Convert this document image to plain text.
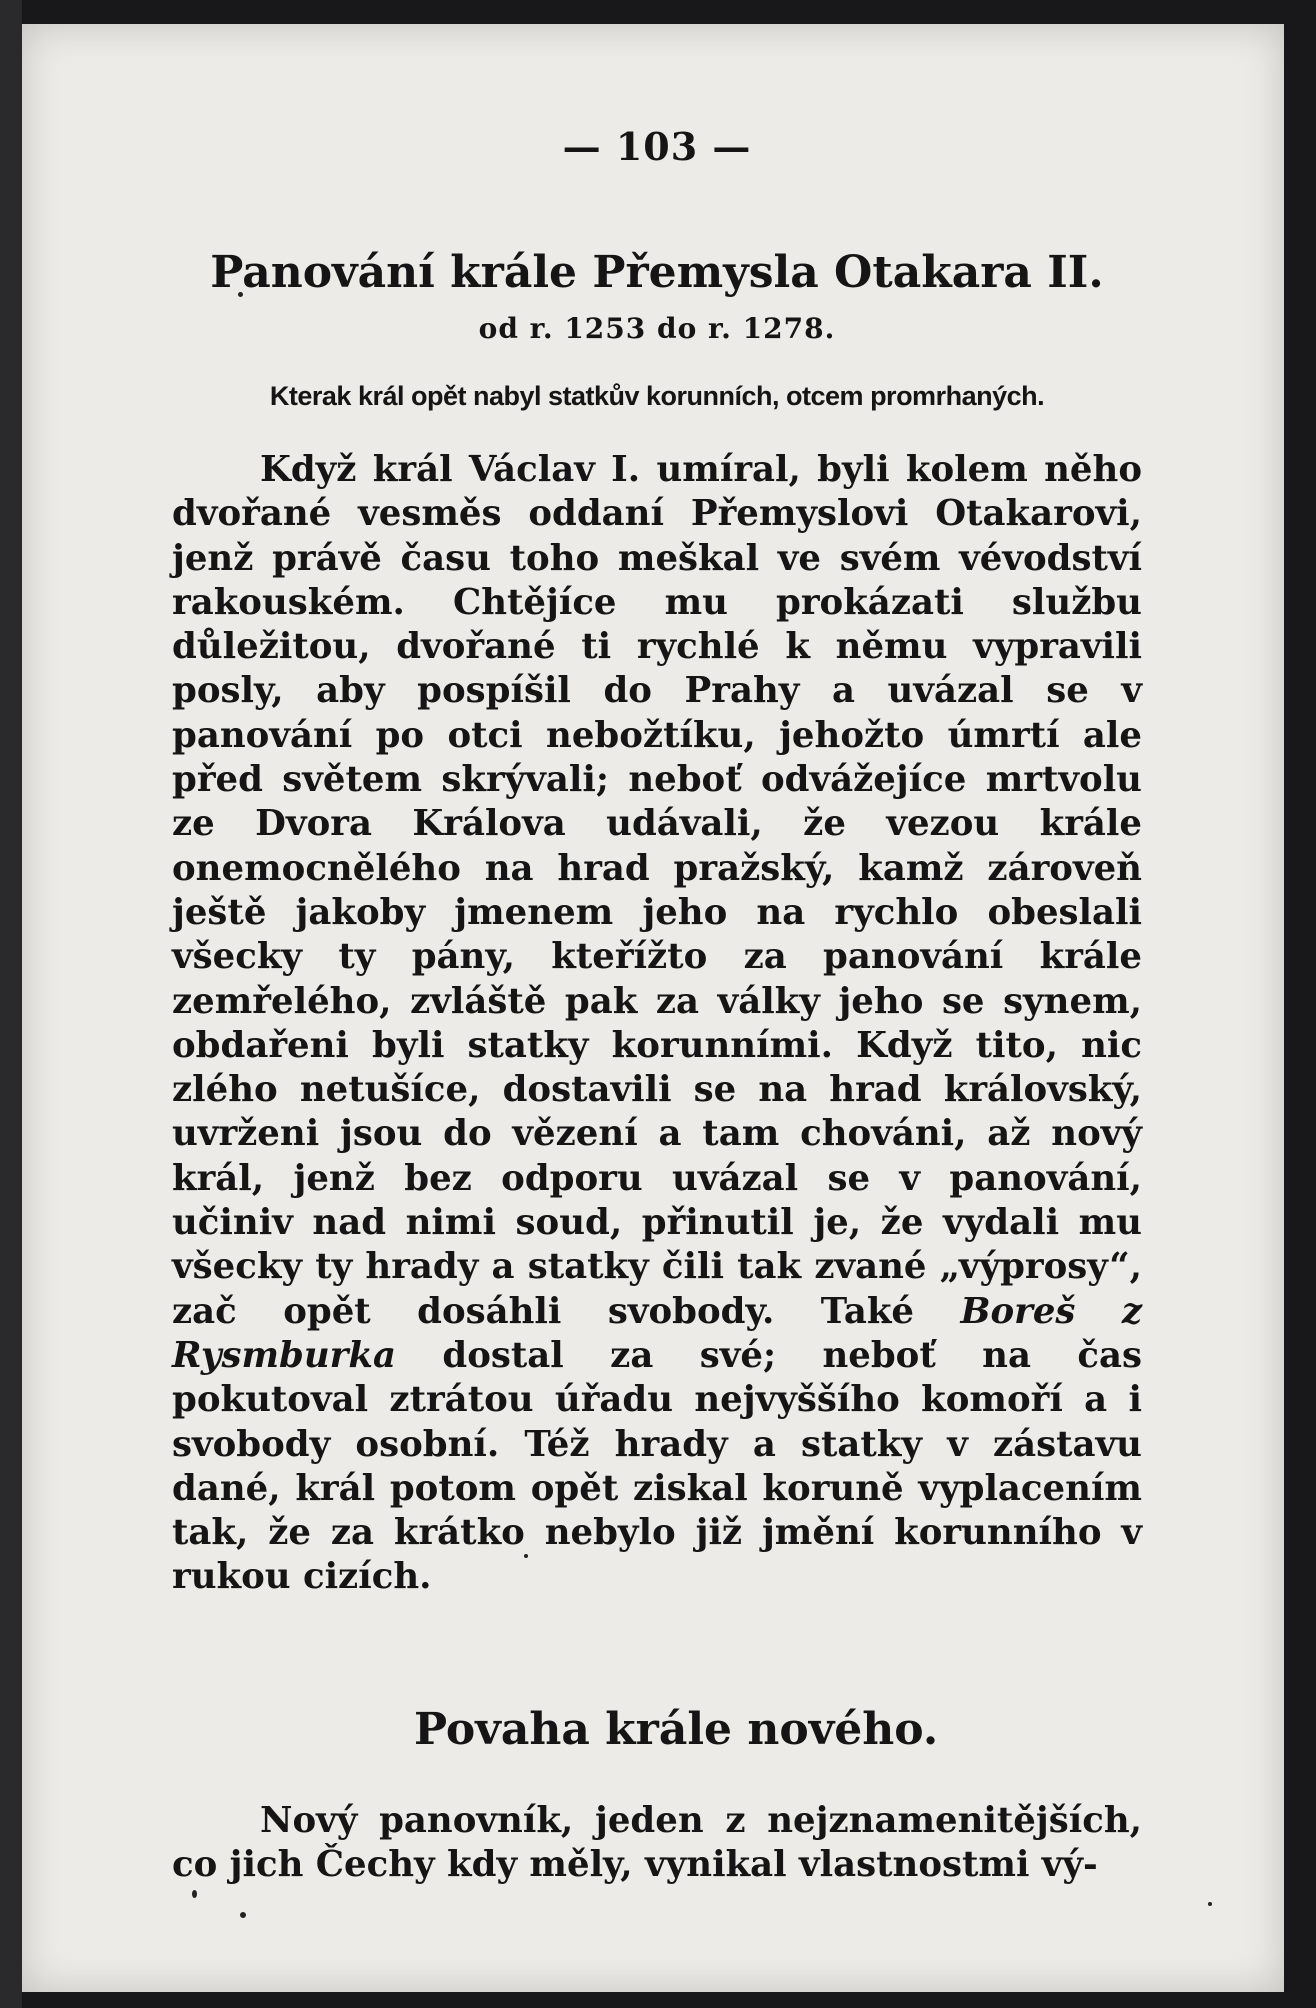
— 103 —
Panování krále Přemysla Otakara II.
od r. 1253 do r. 1278.
Kterak král opět nabyl statkův korunních, otcem promrhaných.

Když král Václav I. umíral, byli kolem něho dvořané vesměs oddaní Přemyslovi Otakarovi, jenž právě času toho meškal ve svém vévodství rakouském. Chtějíce mu prokázati službu důležitou, dvořané ti rychlé k němu vypravili posly, aby pospíšil do Prahy a uvázal se v panování po otci nebožtíku, jehožto úmrtí ale před světem skrývali; neboť odvážejíce mrtvolu ze Dvora Králova udávali, že vezou krále onemocnělého na hrad pražský, kamž zároveň ještě jakoby jmenem jeho na rychlo obeslali všecky ty pány, kteřížto za panování krále zemřelého, zvláště pak za války jeho se synem, obdařeni byli statky korunními. Když tito, nic zlého netušíce, dostavili se na hrad královský, uvrženi jsou do vězení a tam chováni, až nový král, jenž bez odporu uvázal se v panování, učiniv nad nimi soud, přinutil je, že vydali mu všecky ty hrady a statky čili tak zvané „výprosy“, zač opět dosáhli svobody. Také Boreš z Rysmburka dostal za své; neboť na čas pokutoval ztrátou úřadu nejvyššího komoří a i svobody osobní. Též hrady a statky v zástavu dané, král potom opět ziskal koruně vyplacením tak, že za krátko nebylo již jmění korunního v rukou cizích.

Povaha krále nového.

Nový panovník, jeden z nejznamenitějších, co jich Čechy kdy měly, vynikal vlastnostmi vý-
